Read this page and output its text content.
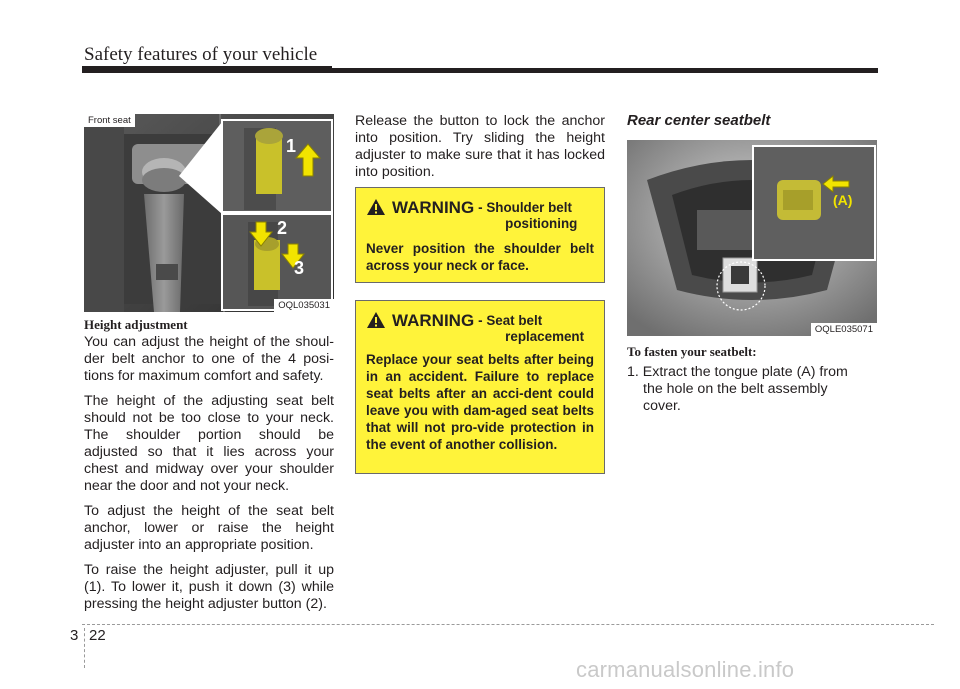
Safety features of your vehicle
Front seat
OQL035031
1
2
3
Height adjustment

You can adjust the height of the shoul-der belt anchor to one of the 4 posi-tions for maximum comfort and safety.

The height of the adjusting seat belt should not be too close to your neck. The shoulder portion should be adjusted so that it lies across your chest and midway over your shoulder near the door and not your neck.

To adjust the height of the seat belt anchor, lower or raise the height adjuster into an appropriate position.

To raise the height adjuster, pull it up (1). To lower it, push it down (3) while pressing the height adjuster button (2).

Release the button to lock the anchor into position. Try sliding the height adjuster to make sure that it has locked into position.
WARNING - Shoulder belt
positioning
Never position the shoulder belt across your neck or face.
WARNING - Seat belt
replacement
Replace your seat belts after being in an accident. Failure to replace seat belts after an acci-dent could leave you with dam-aged seat belts that will not pro-vide protection in the event of another collision.
Rear center seatbelt
(A)
OQLE035071
To fasten your seatbelt:
1. Extract the tongue plate (A) from
the hole on the belt assembly
cover.
3 22
carmanualsonline.info
